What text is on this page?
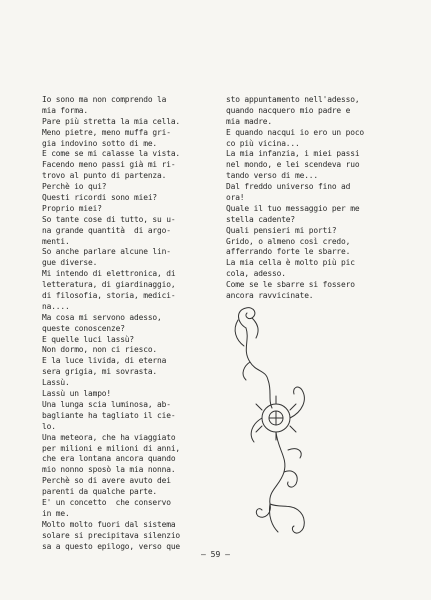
Io sono ma non comprendo la
mia forma.
Pare più stretta la mia cella.
Meno pietre, meno muffa gri-
gia indovino sotto di me.
E come se mi calasse la vista.
Facendo meno passi già mi ri-
trovo al punto di partenza.
Perchè io qui?
Questi ricordi sono miei?
Proprio miei?
So tante cose di tutto, su u-
na grande quantità  di argo-
menti.
So anche parlare alcune lin-
gue diverse.
Mi intendo di elettronica, di
letteratura, di giardinaggio,
di filosofia, storia, medici-
na....
Ma cosa mi servono adesso,
queste conoscenze?
E quelle luci lassù?
Non dormo, non ci riesco.
E la luce livida, di eterna
sera grigia, mi sovrasta.
Lassù.
Lassù un lampo!
Una lunga scia luminosa, ab-
bagliante ha tagliato il cie-
lo.
Una meteora, che ha viaggiato
per milioni e milioni di anni,
che era lontana ancora quando
mio nonno sposò la mia nonna.
Perchè so di avere avuto dei
parenti da qualche parte.
E' un concetto  che conservo
in me.
Molto molto fuori dal sistema
solare si precipitava silenzio
sa a questo epilogo, verso que
sto appuntamento nell'adesso,
quando nacquero mio padre e
mia madre.
E quando nacqui io ero un poco
co più vicina...
La mia infanzia, i miei passi
nel mondo, e lei scendeva ruo
tando verso di me...
Dal freddo universo fino ad
ora!
Quale il tuo messaggio per me
stella cadente?
Quali pensieri mi porti?
Grido, o almeno così credo,
afferrando forte le sbarre.
La mia cella è molto più pic
cola, adesso.
Come se le sbarre si fossero
ancora ravvicinate.
– 59 –
